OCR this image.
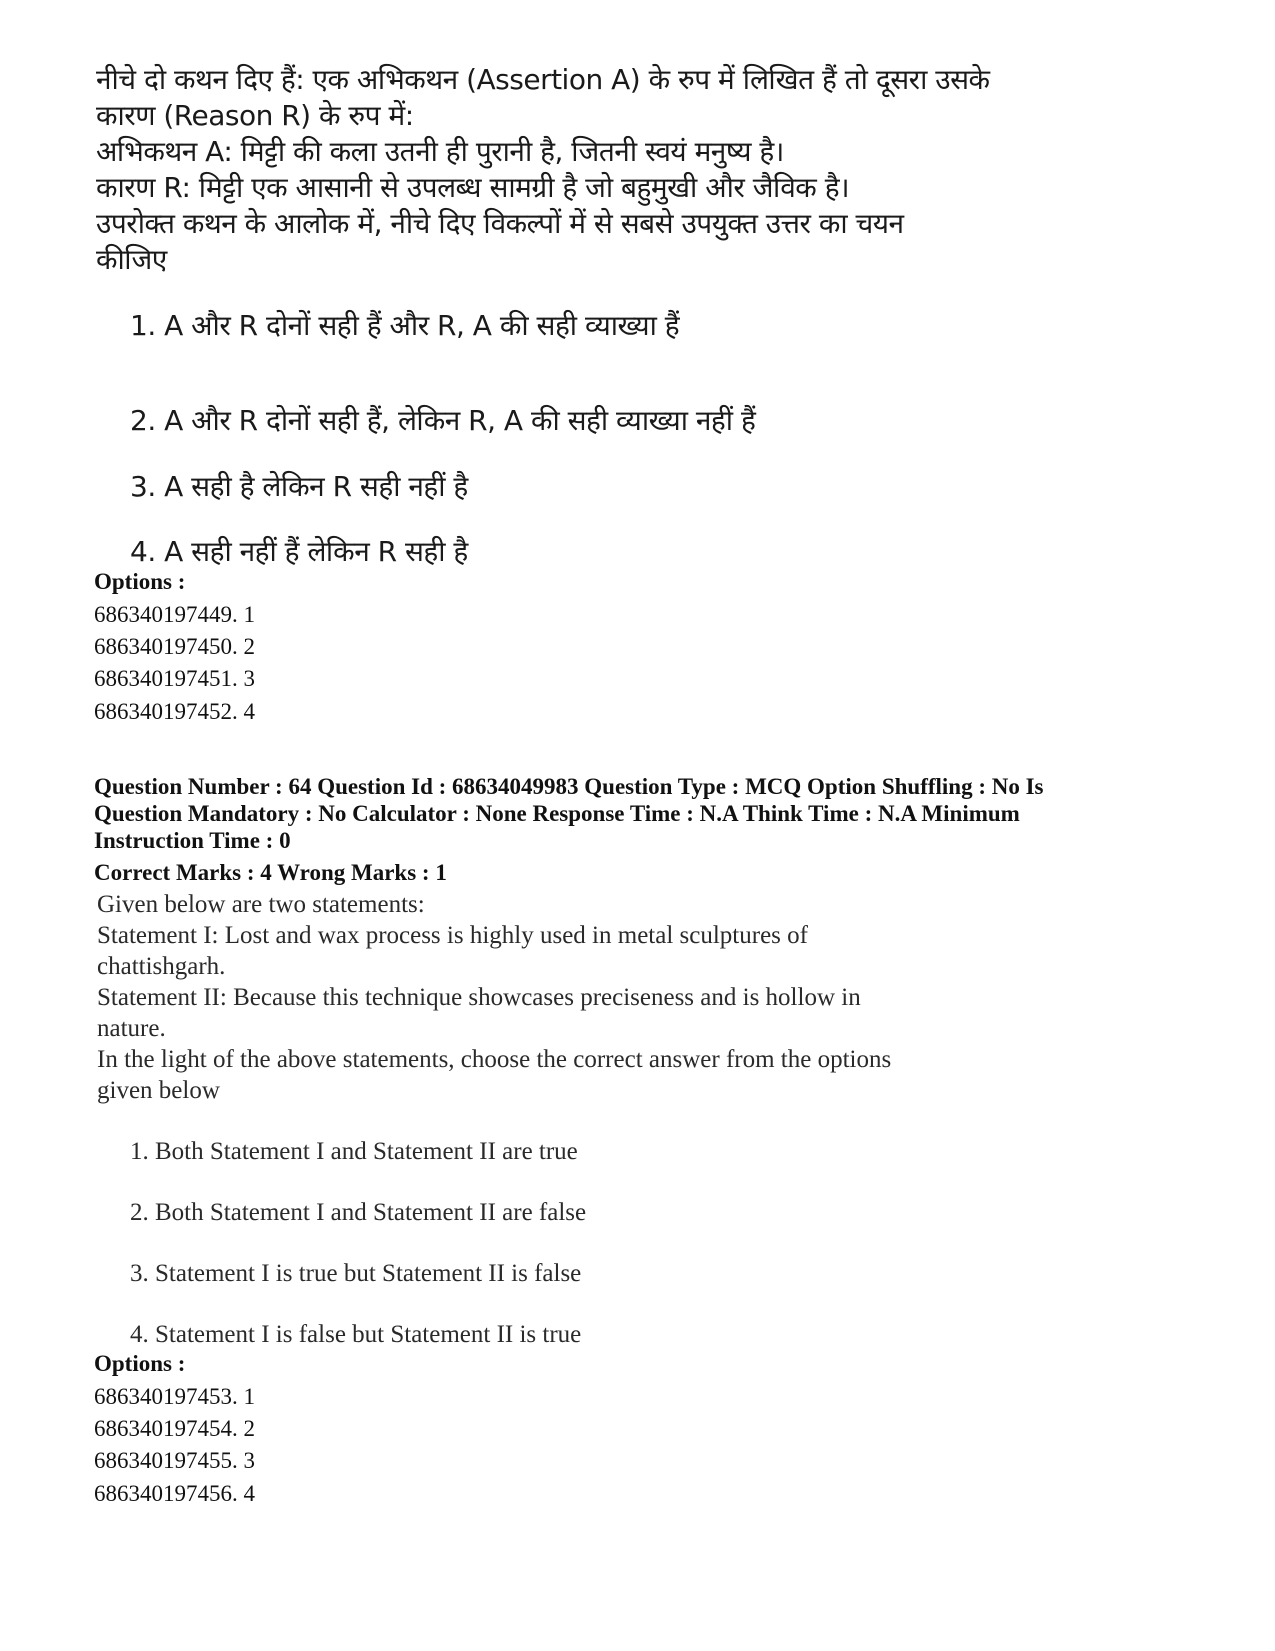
नीचे दो कथन दिए हैं: एक अभिकथन (Assertion A) के रुप में लिखित हैं तो दूसरा उसके
कारण (Reason R) के रुप में:
अभिकथन A: मिट्टी की कला उतनी ही पुरानी है, जितनी स्वयं मनुष्य है।
कारण R: मिट्टी एक आसानी से उपलब्ध सामग्री है जो बहुमुखी और जैविक है।
उपरोक्त कथन के आलोक में, नीचे दिए विकल्पों में से सबसे उपयुक्त उत्तर का चयन
कीजिए
1. A और R दोनों सही हैं और R, A की सही व्याख्या हैं
2. A और R दोनों सही हैं, लेकिन R, A की सही व्याख्या नहीं हैं
3. A सही है लेकिन R सही नहीं है
4. A सही नहीं हैं लेकिन R सही है
Options :
686340197449. 1
686340197450. 2
686340197451. 3
686340197452. 4
Question Number : 64 Question Id : 68634049983 Question Type : MCQ Option Shuffling : No Is
Question Mandatory : No Calculator : None Response Time : N.A Think Time : N.A Minimum
Instruction Time : 0
Correct Marks : 4 Wrong Marks : 1
Given below are two statements:
Statement I: Lost and wax process is highly used in metal sculptures of
chattishgarh.
Statement II: Because this technique showcases preciseness and is hollow in
nature.
In the light of the above statements, choose the correct answer from the options
given below
1. Both Statement I and Statement II are true
2. Both Statement I and Statement II are false
3. Statement I is true but Statement II is false
4. Statement I is false but Statement II is true
Options :
686340197453. 1
686340197454. 2
686340197455. 3
686340197456. 4
